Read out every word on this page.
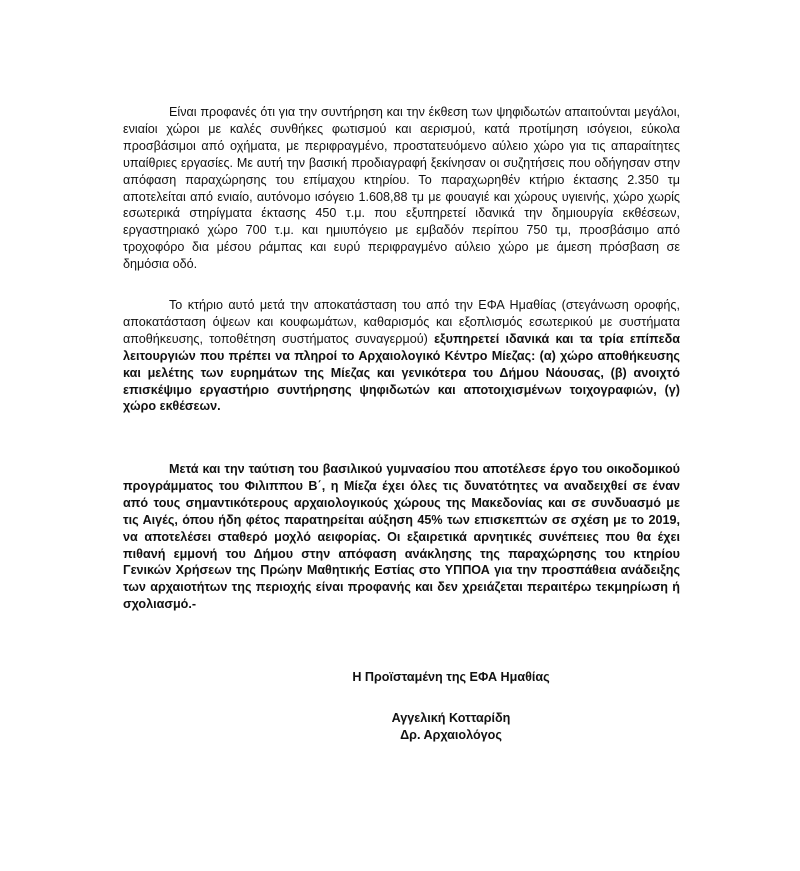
Είναι προφανές ότι για την συντήρηση και την έκθεση των ψηφιδωτών απαιτούνται μεγάλοι, ενιαίοι χώροι με καλές συνθήκες φωτισμού και αερισμού, κατά προτίμηση ισόγειοι, εύκολα προσβάσιμοι από οχήματα, με περιφραγμένο, προστατευόμενο αύλειο χώρο για τις απαραίτητες υπαίθριες εργασίες. Με αυτή την βασική προδιαγραφή ξεκίνησαν οι συζητήσεις που οδήγησαν στην απόφαση παραχώρησης του επίμαχου κτηρίου. Το παραχωρηθέν κτήριο έκτασης 2.350 τμ αποτελείται από ενιαίο, αυτόνομο ισόγειο 1.608,88 τμ με φουαγιέ και χώρους υγιεινής, χώρο χωρίς εσωτερικά στηρίγματα έκτασης 450 τ.μ. που εξυπηρετεί ιδανικά την δημιουργία εκθέσεων, εργαστηριακό χώρο 700 τ.μ. και ημιυπόγειο με εμβαδόν περίπου 750 τμ, προσβάσιμο από τροχοφόρο δια μέσου ράμπας και ευρύ περιφραγμένο αύλειο χώρο με άμεση πρόσβαση σε δημόσια οδό.
Το κτήριο αυτό μετά την αποκατάσταση του από την ΕΦΑ Ημαθίας (στεγάνωση οροφής, αποκατάσταση όψεων και κουφωμάτων, καθαρισμός και εξοπλισμός εσωτερικού με συστήματα αποθήκευσης, τοποθέτηση συστήματος συναγερμού) εξυπηρετεί ιδανικά και τα τρία επίπεδα λειτουργιών που πρέπει να πληροί το Αρχαιολογικό Κέντρο Μίεζας: (α) χώρο αποθήκευσης και μελέτης των ευρημάτων της Μίεζας και γενικότερα του Δήμου Νάουσας, (β) ανοιχτό επισκέψιμο εργαστήριο συντήρησης ψηφιδωτών και αποτοιχισμένων τοιχογραφιών, (γ) χώρο εκθέσεων.
Μετά και την ταύτιση του βασιλικού γυμνασίου που αποτέλεσε έργο του οικοδομικού προγράμματος του Φιλιππου Β΄, η Μίεζα έχει όλες τις δυνατότητες να αναδειχθεί σε έναν από τους σημαντικότερους αρχαιολογικούς χώρους της Μακεδονίας και σε συνδυασμό με τις Αιγές, όπου ήδη φέτος παρατηρείται αύξηση 45% των επισκεπτών σε σχέση με το 2019, να αποτελέσει σταθερό μοχλό αειφορίας. Οι εξαιρετικά αρνητικές συνέπειες που θα έχει πιθανή εμμονή του Δήμου στην απόφαση ανάκλησης της παραχώρησης του κτηρίου Γενικών Χρήσεων της Πρώην Μαθητικής Εστίας στο ΥΠΠΟΑ για την προσπάθεια ανάδειξης των αρχαιοτήτων της περιοχής είναι προφανής και δεν χρειάζεται περαιτέρω τεκμηρίωση ή σχολιασμό.-
Η Προϊσταμένη της ΕΦΑ Ημαθίας
Αγγελική Κοτταρίδη
Δρ. Αρχαιολόγος
